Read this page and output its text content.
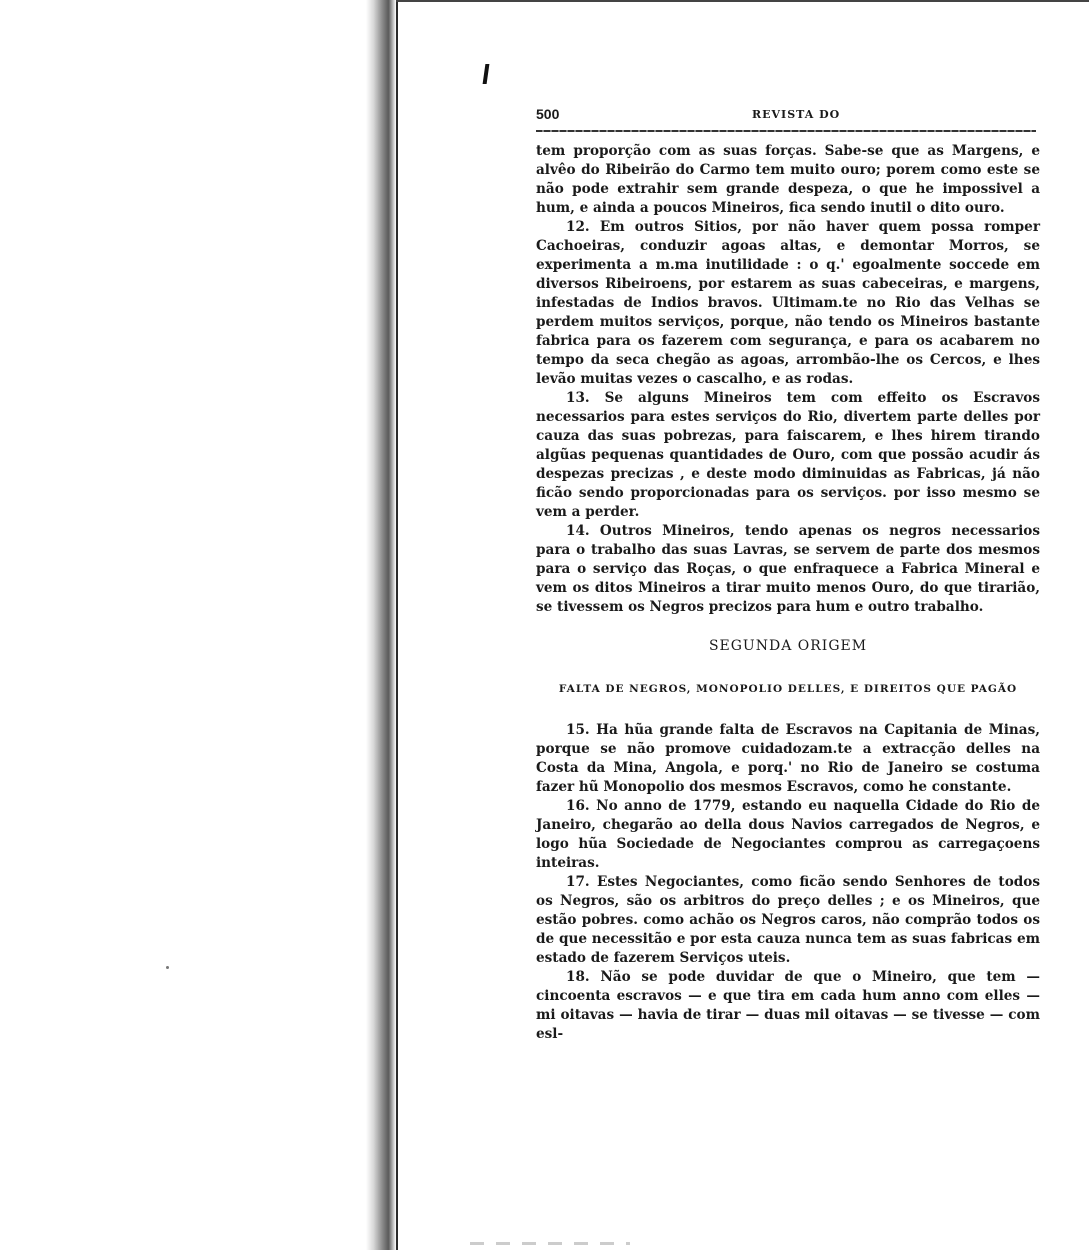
500	REVISTA DO

tem proporção com as suas forças. Sabe-se que as Margens, e alvêo do Ribeirão do Carmo tem muito ouro; porem como este se não pode extrahir sem grande despeza, o que he impossivel a hum, e ainda a poucos Mineiros, fica sendo inutil o dito ouro.

12. Em outros Sitios, por não haver quem possa romper Cachoeiras, conduzir agoas altas, e demontar Morros, se experimenta a m.ma inutilidade : o q.' egoalmente soccede em diversos Ribeiroens, por estarem as suas cabeceiras, e margens, infestadas de Indios bravos. Ultimam.te no Rio das Velhas se perdem muitos serviços, porque, não tendo os Mineiros bastante fabrica para os fazerem com segurança, e para os acabarem no tempo da seca chegão as agoas, arrombão-lhe os Cercos, e lhes levão muitas vezes o cascalho, e as rodas.

13. Se alguns Mineiros tem com effeito os Escravos necessarios para estes serviços do Rio, divertem parte delles por cauza das suas pobrezas, para faiscarem, e lhes hirem tirando algũas pequenas quantidades de Ouro, com que possão acudir ás despezas precizas , e deste modo diminuidas as Fabricas, já não ficão sendo proporcionadas para os serviços. por isso mesmo se vem a perder.

14. Outros Mineiros, tendo apenas os negros necessarios para o trabalho das suas Lavras, se servem de parte dos mesmos para o serviço das Roças, o que enfraquece a Fabrica Mineral e vem os ditos Mineiros a tirar muito menos Ouro, do que tirarião, se tivessem os Negros precizos para hum e outro trabalho.

SEGUNDA ORIGEM
FALTA DE NEGROS, MONOPOLIO DELLES, E DIREITOS QUE PAGÃO

15. Ha hũa grande falta de Escravos na Capitania de Minas, porque se não promove cuidadozam.te a extracção delles na Costa da Mina, Angola, e porq.' no Rio de Janeiro se costuma fazer hũ Monopolio dos mesmos Escravos, como he constante.

16. No anno de 1779, estando eu naquella Cidade do Rio de Janeiro, chegarão ao della dous Navios carregados de Negros, e logo hũa Sociedade de Negociantes comprou as carregaçoens inteiras.

17. Estes Negociantes, como ficão sendo Senhores de todos os Negros, são os arbitros do preço delles ; e os Mineiros, que estão pobres. como achão os Negros caros, não comprão todos os de que necessitão e por esta cauza nunca tem as suas fabricas em estado de fazerem Serviços uteis.

18. Não se pode duvidar de que o Mineiro, que tem — cincoenta escravos — e que tira em cada hum anno com elles — mi oitavas — havia de tirar — duas mil oitavas — se tivesse — com esl-
